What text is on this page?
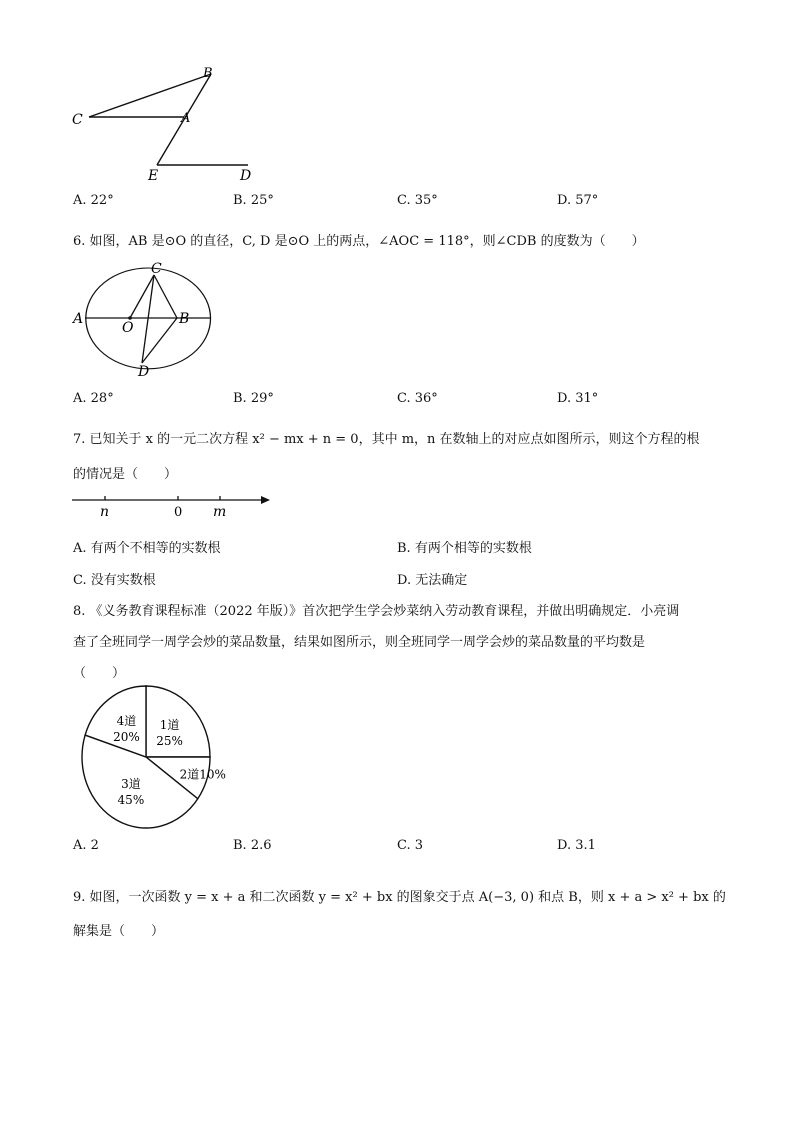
B
C	A
E	D
A. 22°	B. 25°	C. 35°	D. 57°
6. 如图，AB 是⊙O 的直径，C, D 是⊙O 上的两点，∠AOC = 118°，则∠CDB 的度数为（　　）
A	B
C
O
D
A. 28°	B. 29°	C. 36°	D. 31°
7. 已知关于 x 的一元二次方程 x² − mx + n = 0，其中 m，n 在数轴上的对应点如图所示，则这个方程的根
的情况是（　　）
n	0 m
A. 有两个不相等的实数根	B. 有两个相等的实数根
C. 没有实数根	D. 无法确定
8. 《义务教育课程标准（2022 年版）》首次把学生学会炒菜纳入劳动教育课程，并做出明确规定．小亮调
查了全班同学一周学会炒的菜品数量，结果如图所示，则全班同学一周学会炒的菜品数量的平均数是
（　　）
1道
25%
2道10%
3道
45%
4道
20%
A. 2	B. 2.6	C. 3	D. 3.1
9. 如图，一次函数 y = x + a 和二次函数 y = x² + bx 的图象交于点 A(−3, 0) 和点 B，则 x + a > x² + bx 的
解集是（　　）
